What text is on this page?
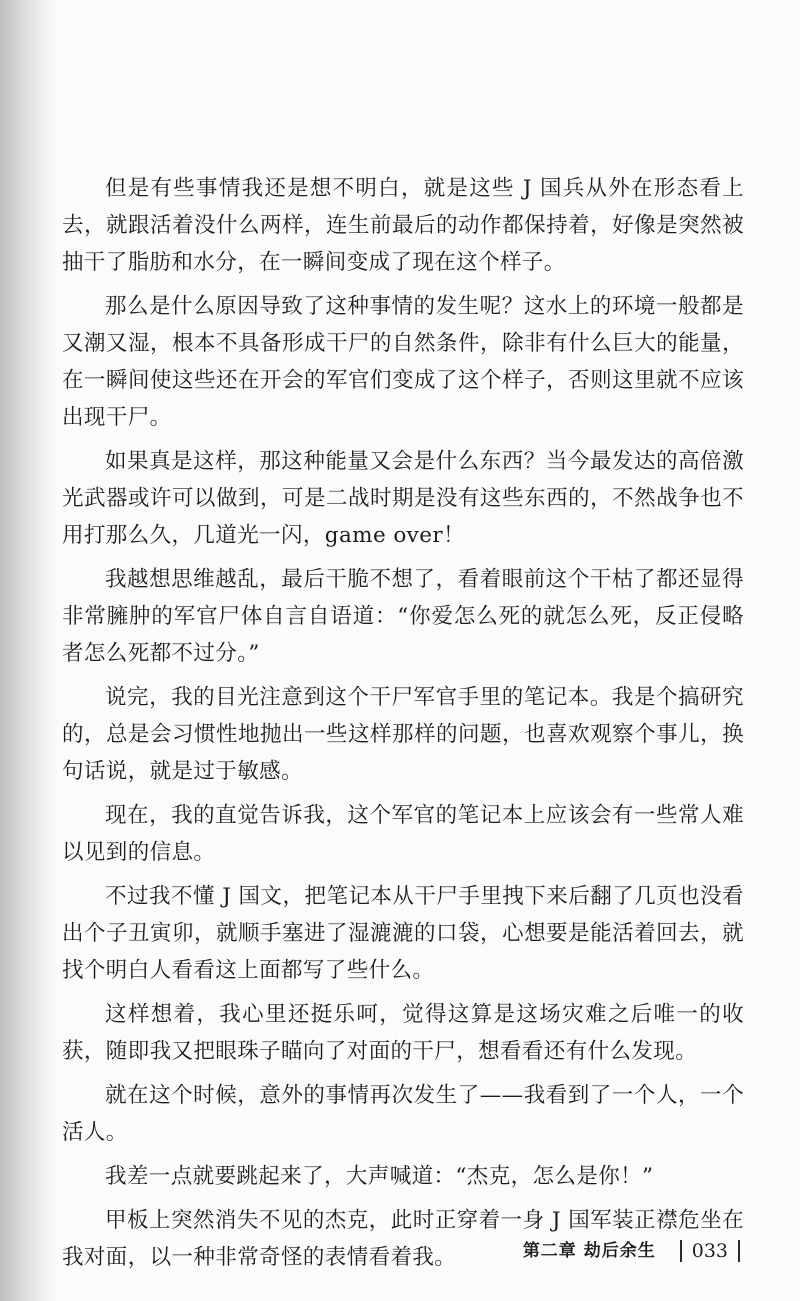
但是有些事情我还是想不明白，就是这些 J 国兵从外在形态看上去，就跟活着没什么两样，连生前最后的动作都保持着，好像是突然被抽干了脂肪和水分，在一瞬间变成了现在这个样子。

那么是什么原因导致了这种事情的发生呢？这水上的环境一般都是又潮又湿，根本不具备形成干尸的自然条件，除非有什么巨大的能量，在一瞬间使这些还在开会的军官们变成了这个样子，否则这里就不应该出现干尸。

如果真是这样，那这种能量又会是什么东西？当今最发达的高倍激光武器或许可以做到，可是二战时期是没有这些东西的，不然战争也不用打那么久，几道光一闪，game over！

我越想思维越乱，最后干脆不想了，看着眼前这个干枯了都还显得非常臃肿的军官尸体自言自语道：“你爱怎么死的就怎么死，反正侵略者怎么死都不过分。”

说完，我的目光注意到这个干尸军官手里的笔记本。我是个搞研究的，总是会习惯性地抛出一些这样那样的问题，也喜欢观察个事儿，换句话说，就是过于敏感。

现在，我的直觉告诉我，这个军官的笔记本上应该会有一些常人难以见到的信息。

不过我不懂 J 国文，把笔记本从干尸手里拽下来后翻了几页也没看出个子丑寅卯，就顺手塞进了湿漉漉的口袋，心想要是能活着回去，就找个明白人看看这上面都写了些什么。

这样想着，我心里还挺乐呵，觉得这算是这场灾难之后唯一的收获，随即我又把眼珠子瞄向了对面的干尸，想看看还有什么发现。

就在这个时候，意外的事情再次发生了——我看到了一个人，一个活人。

我差一点就要跳起来了，大声喊道：“杰克，怎么是你！”

甲板上突然消失不见的杰克，此时正穿着一身 J 国军装正襟危坐在我对面，以一种非常奇怪的表情看着我。	第二章 劫后余生 033
